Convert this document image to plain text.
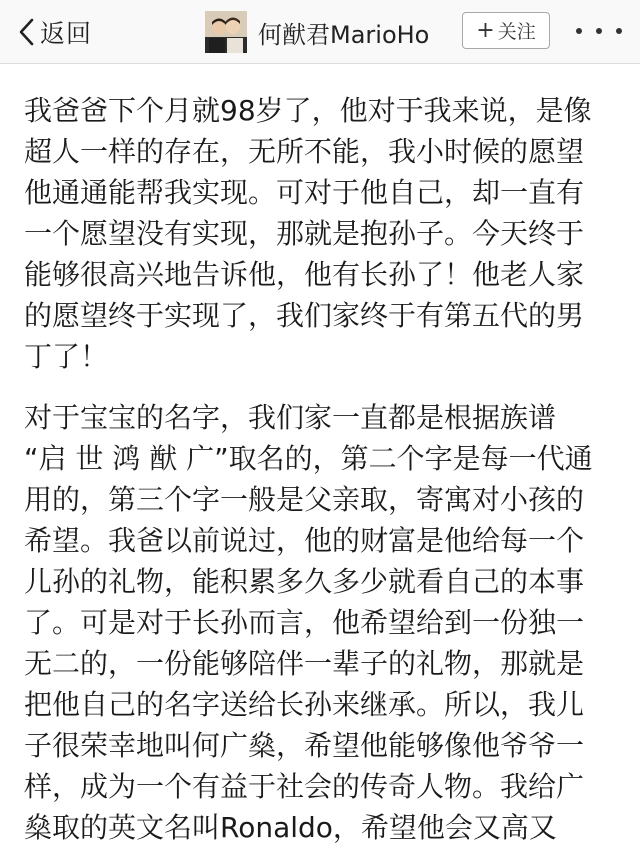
返回	何猷君MarioHo + 关注
我爸爸下个月就98岁了，他对于我来说，是像
超人一样的存在，无所不能，我小时候的愿望
他通通能帮我实现。可对于他自己，却一直有
一个愿望没有实现，那就是抱孙子。今天终于
能够很高兴地告诉他，他有长孙了！他老人家
的愿望终于实现了，我们家终于有第五代的男
丁了！
对于宝宝的名字，我们家一直都是根据族谱
“启 世 鸿 猷 广”取名的，第二个字是每一代通
用的，第三个字一般是父亲取，寄寓对小孩的
希望。我爸以前说过，他的财富是他给每一个
儿孙的礼物，能积累多久多少就看自己的本事
了。可是对于长孙而言，他希望给到一份独一
无二的，一份能够陪伴一辈子的礼物，那就是
把他自己的名字送给长孙来继承。所以，我儿
子很荣幸地叫何广燊，希望他能够像他爷爷一
样，成为一个有益于社会的传奇人物。我给广
燊取的英文名叫Ronaldo，希望他会又高又
